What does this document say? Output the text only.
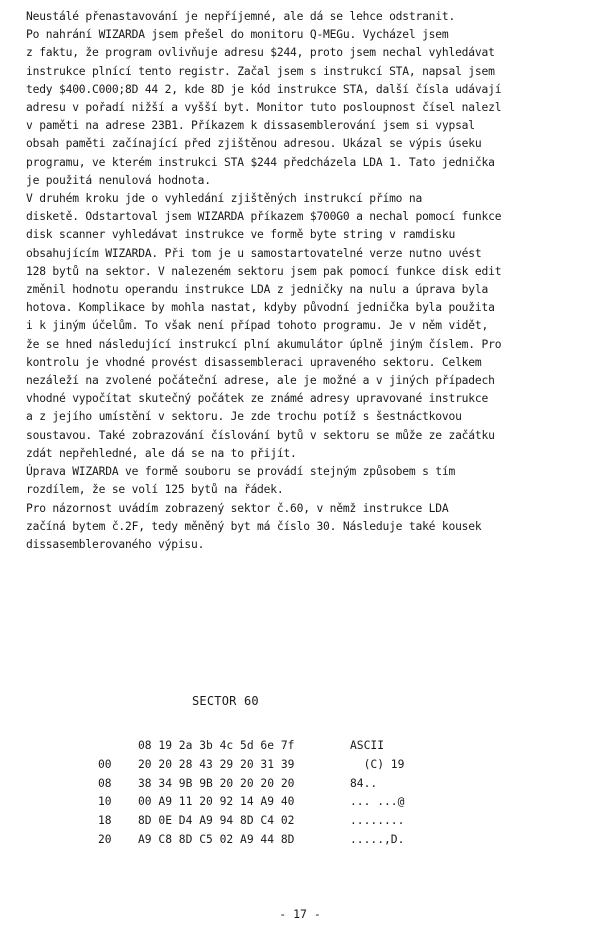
Neustálé přenastavování je nepříjemné, ale dá se lehce odstranit.
Po nahrání WIZARDA jsem přešel do monitoru Q-MEGu. Vycházel jsem
z faktu, že program ovlivňuje adresu $244, proto jsem nechal vyhledávat
instrukce plnící tento registr. Začal jsem s instrukcí STA, napsal jsem
tedy $400.C000;8D 44 2, kde 8D je kód instrukce STA, další čísla udávají
adresu v pořadí nižší a vyšší byt. Monitor tuto posloupnost čísel nalezl
v paměti na adrese 23B1. Příkazem k dissasemblerování jsem si vypsal
obsah paměti začínající před zjištěnou adresou. Ukázal se výpis úseku
programu, ve kterém instrukci STA $244 předcházela LDA 1. Tato jednička
je použitá nenulová hodnota.
V druhém kroku jde o vyhledání zjištěných instrukcí přímo na
disketě. Odstartoval jsem WIZARDA příkazem $700G0 a nechal pomocí funkce
disk scanner vyhledávat instrukce ve formě byte string v ramdisku
obsahujícím WIZARDA. Při tom je u samostartovatelné verze nutno uvést
128 bytů na sektor. V nalezeném sektoru jsem pak pomocí funkce disk edit
změnil hodnotu operandu instrukce LDA z jedničky na nulu a úprava byla
hotova. Komplikace by mohla nastat, kdyby původní jednička byla použita
i k jiným účelům. To však není případ tohoto programu. Je v něm vidět,
že se hned následující instrukcí plní akumulátor úplně jiným číslem. Pro
kontrolu je vhodné provést disassembleraci upraveného sektoru. Celkem
nezáleží na zvolené počáteční adrese, ale je možné a v jiných případech
vhodné vypočítat skutečný počátek ze známé adresy upravované instrukce
a z jejího umístění v sektoru. Je zde trochu potíž s šestnáctkovou
soustavou. Také zobrazování číslování bytů v sektoru se může ze začátku
zdát nepřehledné, ale dá se na to přijít.
Úprava WIZARDA ve formě souboru se provádí stejným způsobem s tím
rozdílem, že se volí 125 bytů na řádek.
Pro názornost uvádím zobrazený sektor č.60, v němž instrukce LDA
začíná bytem č.2F, tedy měněný byt má číslo 30. Následuje také kousek
dissasemblerovaného výpisu.
SECTOR 60
08 19 2a 3b 4c 5d 6e 7f	ASCII
00	20 20 28 43 29 20 31 39	(C) 19
08	38 34 9B 9B 20 20 20 20	84..
10	00 A9 11 20 92 14 A9 40	... ...@
18	8D 0E D4 A9 94 8D C4 02	........
20	A9 C8 8D C5 02 A9 44 8D	.....,D.
- 17 -
